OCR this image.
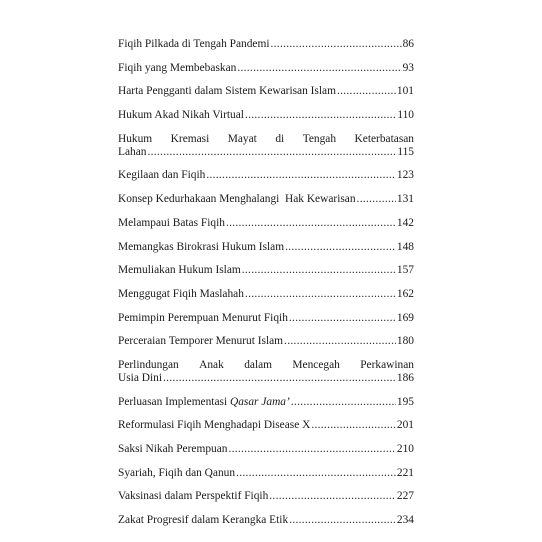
Fiqih Pilkada di Tengah Pandemi .....	86
Fiqih yang Membebaskan .....	93
Harta Pengganti dalam Sistem Kewarisan Islam .....	101
Hukum Akad Nikah Virtual .....	110
Hukum Kremasi Mayat di Tengah Keterbatasan
Lahan .....	115
Kegilaan dan Fiqih .....	123
Konsep Kedurhakaan Menghalangi  Hak Kewarisan .....	131
Melampaui Batas Fiqih .....	142
Memangkas Birokrasi Hukum Islam .....	148
Memuliakan Hukum Islam .....	157
Menggugat Fiqih Maslahah .....	162
Pemimpin Perempuan Menurut Fiqih .....	169
Perceraian Temporer Menurut Islam .....	180
Perlindungan Anak dalam Mencegah Perkawinan
Usia Dini .....	186
Perluasan Implementasi Qasar Jama’ .....	195
Reformulasi Fiqih Menghadapi Disease X .....	201
Saksi Nikah Perempuan .....	210
Syariah, Fiqih dan Qanun .....	221
Vaksinasi dalam Perspektif Fiqih .....	227
Zakat Progresif dalam Kerangka Etik .....	234
